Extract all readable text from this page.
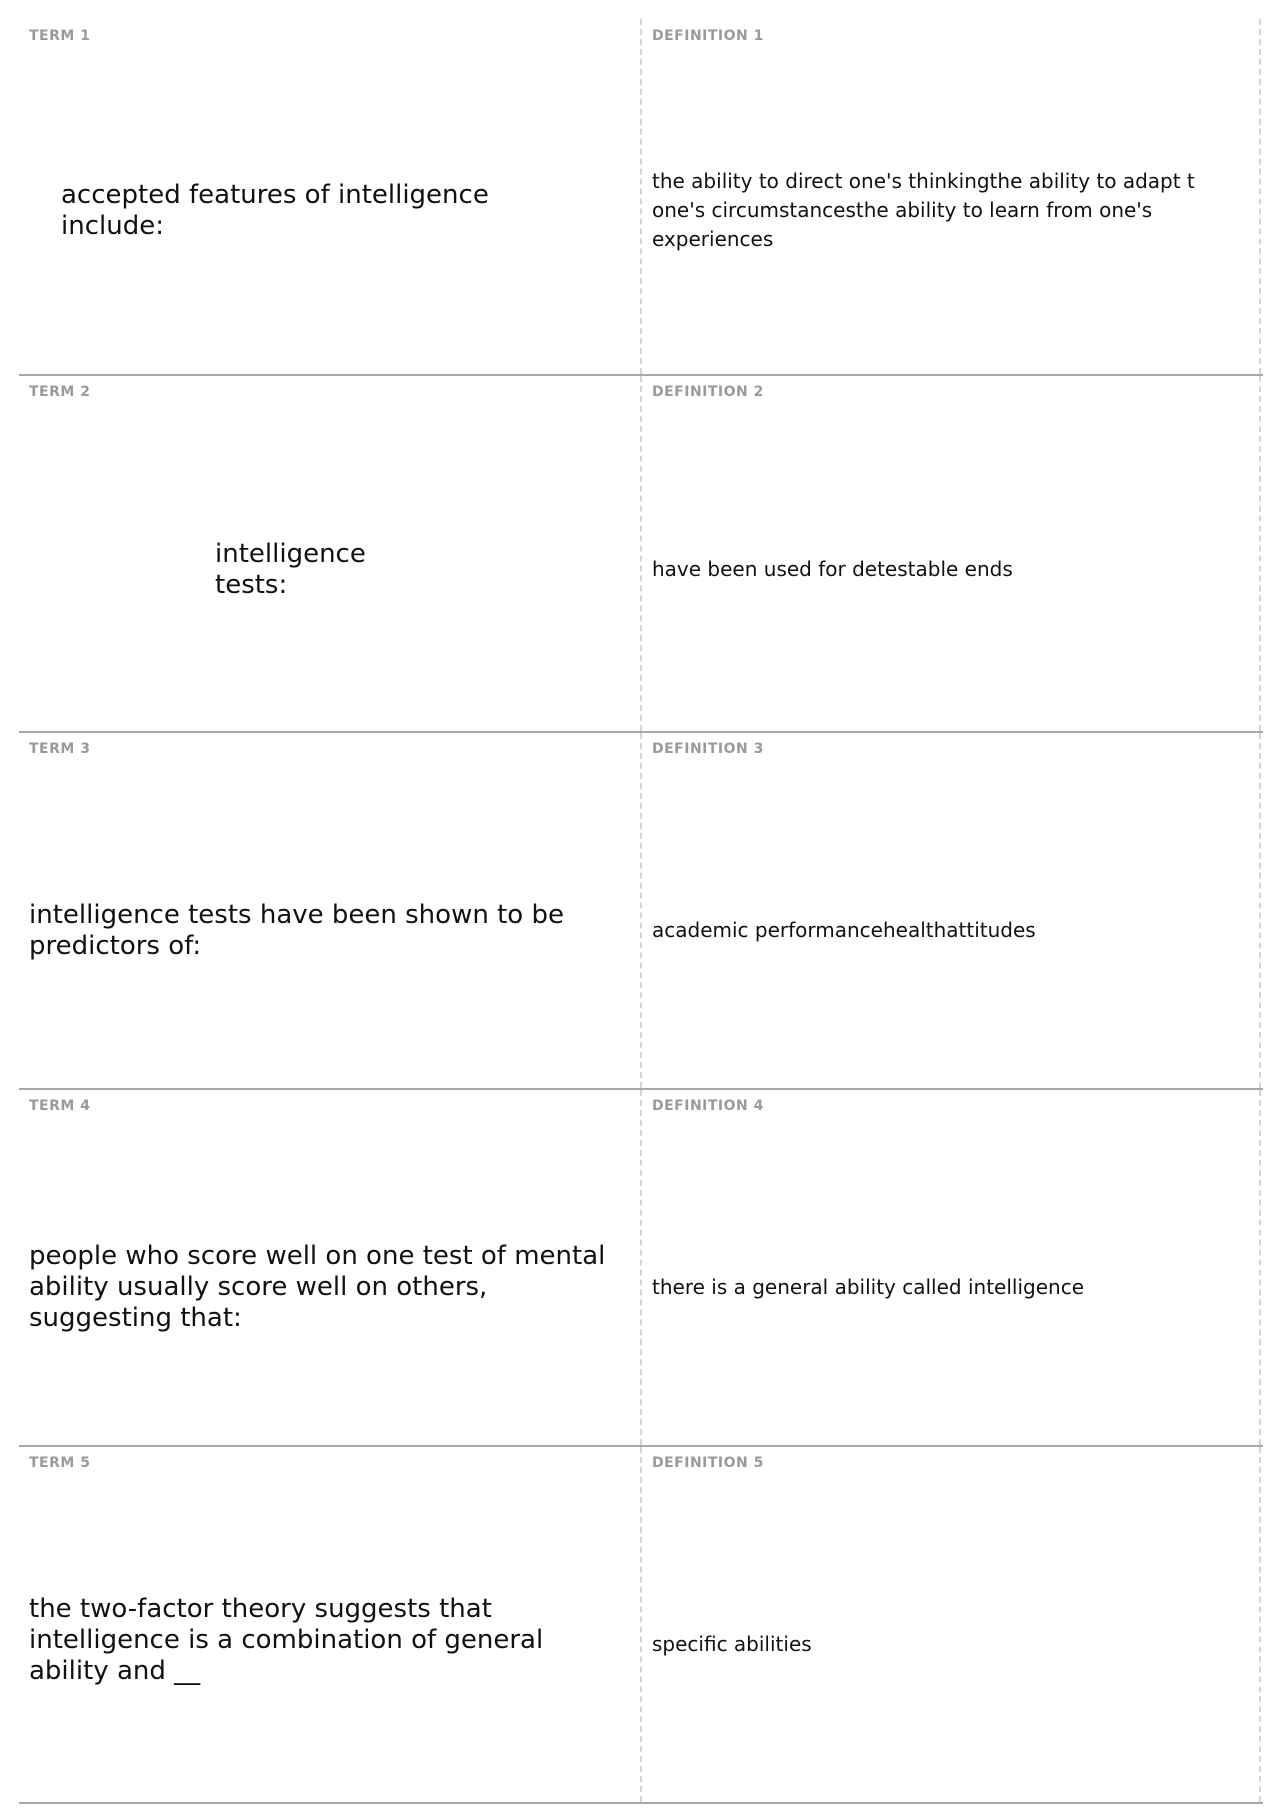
TERM 1
accepted features of intelligence include:
DEFINITION 1
the ability to direct one's thinkingthe ability to adapt t one's circumstancesthe ability to learn from one's experiences
TERM 2
intelligence tests:
DEFINITION 2
have been used for detestable ends
TERM 3
intelligence tests have been shown to be predictors of:
DEFINITION 3
academic performancehealthattitudes
TERM 4
people who score well on one test of mental ability usually score well on others, suggesting that:
DEFINITION 4
there is a general ability called intelligence
TERM 5
the two-factor theory suggests that intelligence is a combination of general ability and __
DEFINITION 5
specific abilities
